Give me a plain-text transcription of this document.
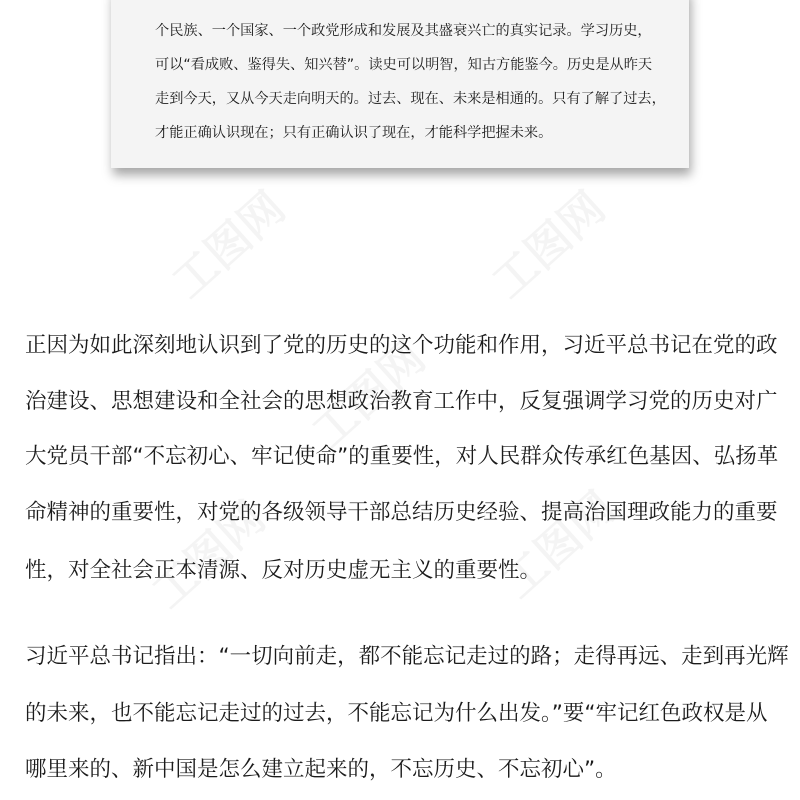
个民族、一个国家、一个政党形成和发展及其盛衰兴亡的真实记录。学习历史，
可以“看成败、鉴得失、知兴替”。读史可以明智，知古方能鉴今。历史是从昨天
走到今天，又从今天走向明天的。过去、现在、未来是相通的。只有了解了过去，
才能正确认识现在；只有正确认识了现在，才能科学把握未来。
正因为如此深刻地认识到了党的历史的这个功能和作用，习近平总书记在党的政
治建设、思想建设和全社会的思想政治教育工作中，反复强调学习党的历史对广
大党员干部“不忘初心、牢记使命”的重要性，对人民群众传承红色基因、弘扬革
命精神的重要性，对党的各级领导干部总结历史经验、提高治国理政能力的重要
性，对全社会正本清源、反对历史虚无主义的重要性。
习近平总书记指出：“一切向前走，都不能忘记走过的路；走得再远、走到再光辉
的未来，也不能忘记走过的过去，不能忘记为什么出发。”要“牢记红色政权是从
哪里来的、新中国是怎么建立起来的，不忘历史、不忘初心”。
